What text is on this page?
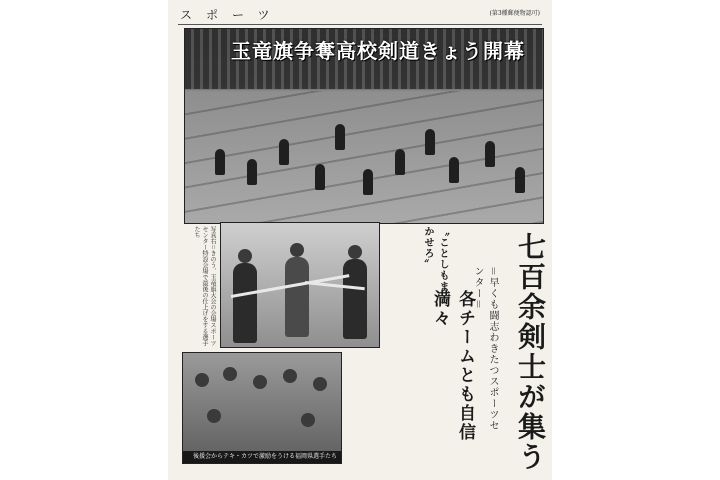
スポーツ	(第3種郵便物認可)
玉竜旗争奪高校剣道きょう開幕
写真右＝きのう、玉竜旗大会の会場スポーツセンター特設会場で最後の仕上げをする選手たち
後援会からテキ・カツで激励をうける福岡県選手たち
〝ことしもまかせろ〟	七百余剣士が集う
＝早くも闘志わきたつスポーツセンター＝
各チームとも自信満々
